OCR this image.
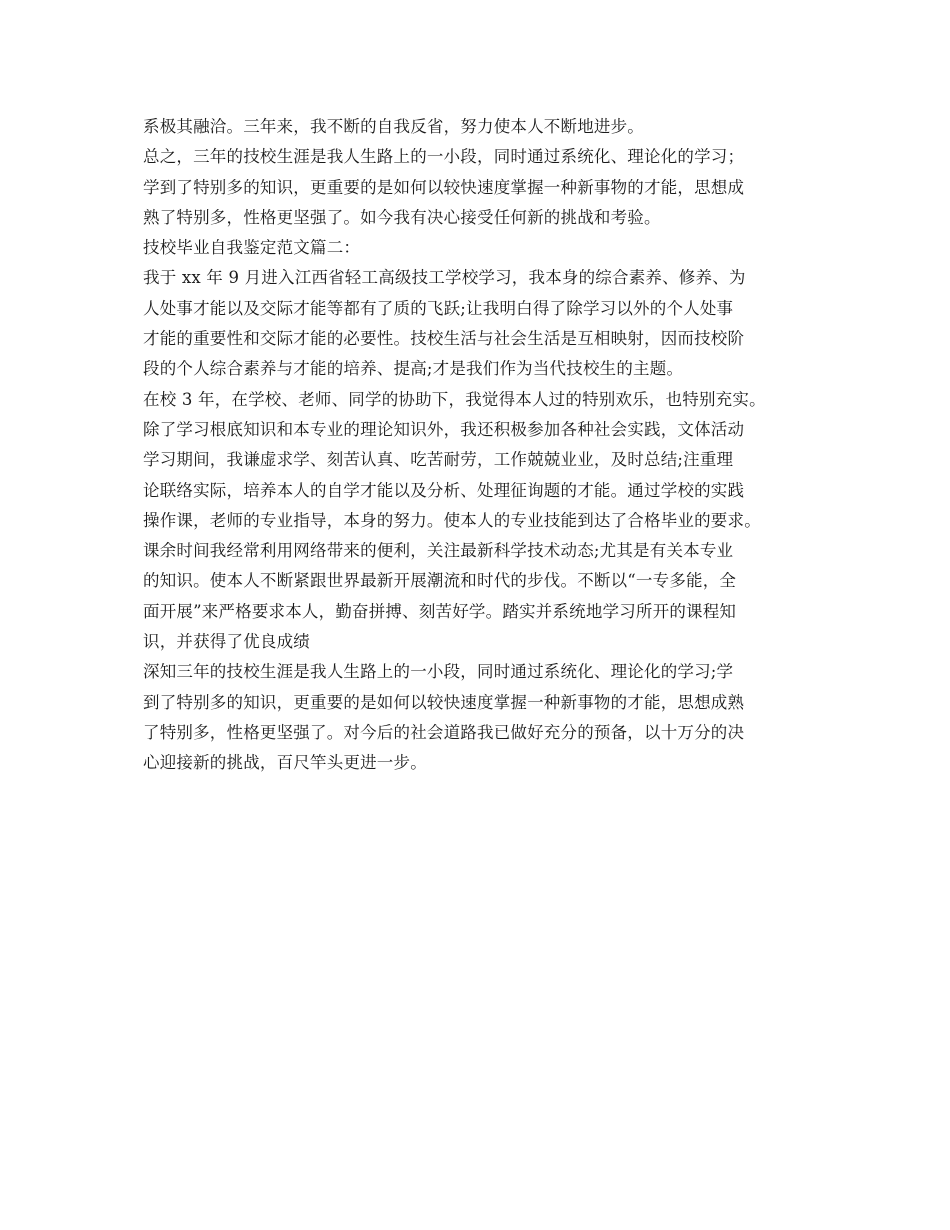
系极其融洽。三年来，我不断的自我反省，努力使本人不断地进步。
总之，三年的技校生涯是我人生路上的一小段，同时通过系统化、理论化的学习；
学到了特别多的知识，更重要的是如何以较快速度掌握一种新事物的才能，思想成
熟了特别多，性格更坚强了。如今我有决心接受任何新的挑战和考验。
技校毕业自我鉴定范文篇二：
我于 xx 年 9 月进入江西省轻工高级技工学校学习，我本身的综合素养、修养、为
人处事才能以及交际才能等都有了质的飞跃;让我明白得了除学习以外的个人处事
才能的重要性和交际才能的必要性。技校生活与社会生活是互相映射，因而技校阶
段的个人综合素养与才能的培养、提高;才是我们作为当代技校生的主题。
在校 3 年，在学校、老师、同学的协助下，我觉得本人过的特别欢乐，也特别充实。
除了学习根底知识和本专业的理论知识外，我还积极参加各种社会实践，文体活动
学习期间，我谦虚求学、刻苦认真、吃苦耐劳，工作兢兢业业，及时总结;注重理
论联络实际，培养本人的自学才能以及分析、处理征询题的才能。通过学校的实践
操作课，老师的专业指导，本身的努力。使本人的专业技能到达了合格毕业的要求。
课余时间我经常利用网络带来的便利，关注最新科学技术动态;尤其是有关本专业
的知识。使本人不断紧跟世界最新开展潮流和时代的步伐。不断以“一专多能，全
面开展”来严格要求本人，勤奋拼搏、刻苦好学。踏实并系统地学习所开的课程知
识，并获得了优良成绩
深知三年的技校生涯是我人生路上的一小段，同时通过系统化、理论化的学习;学
到了特别多的知识，更重要的是如何以较快速度掌握一种新事物的才能，思想成熟
了特别多，性格更坚强了。对今后的社会道路我已做好充分的预备，以十万分的决
心迎接新的挑战，百尺竿头更进一步。
